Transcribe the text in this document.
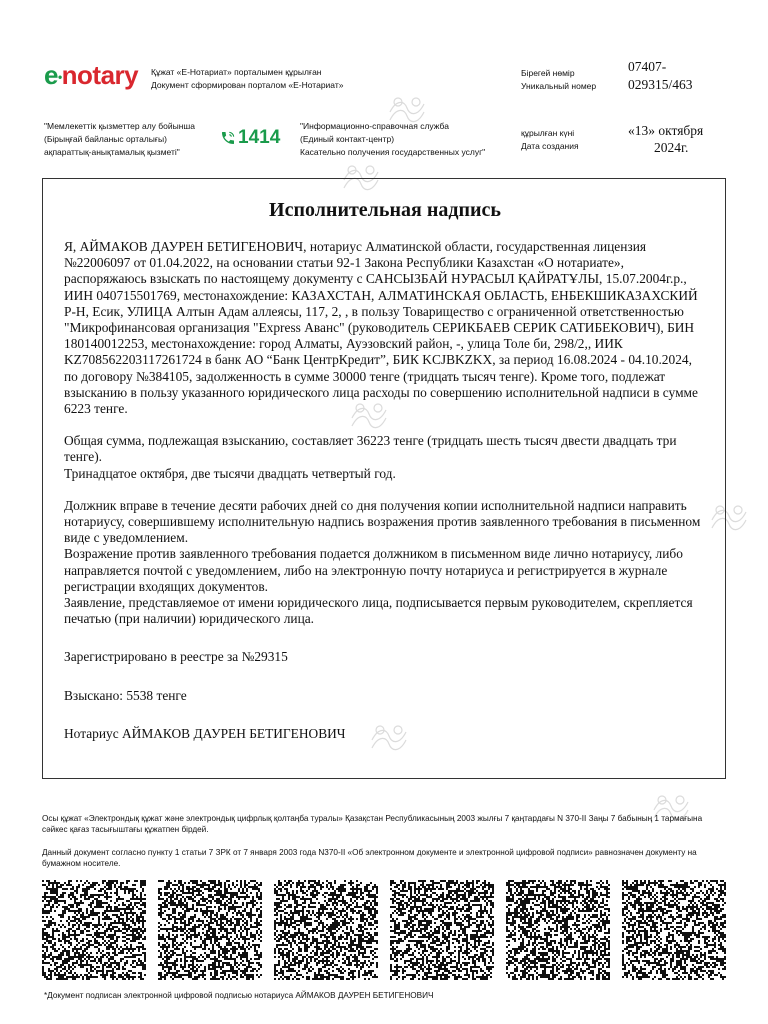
e•notary Құжат «Е-Нотариат» порталымен құрылған
Документ сформирован порталом «Е-Нотариат»
Бірегей нөмір
Уникальный номер
07407-
029315/463
"Мемлекеттік қызметтер алу бойынша
(Бірыңғай байланыс орталығы)
ақпараттық-анықтамалық қызметі"
1414
"Информационно-справочная служба
(Единый контакт-центр)
Касательно получения государственных услуг"
құрылған күні
Дата создания
«13» октября
2024г.
Исполнительная надпись

Я, АЙМАКОВ ДАУРЕН БЕТИГЕНОВИЧ, нотариус Алматинской области, государственная лицензия №22006097 от 01.04.2022, на основании статьи 92-1 Закона Республики Казахстан «О нотариате», распоряжаюсь взыскать по настоящему документу с САНСЫЗБАЙ НУРАСЫЛ ҚАЙРАТҰЛЫ, 15.07.2004г.р., ИИН 040715501769, местонахождение: КАЗАХСТАН, АЛМАТИНСКАЯ ОБЛАСТЬ, ЕНБЕКШИКАЗАХСКИЙ Р-Н, Есик, УЛИЦА Алтын Адам аллеясы, 117, 2, , в пользу Товарищество с ограниченной ответственностью "Микрофинансовая организация "Express Аванс" (руководитель СЕРИКБАЕВ СЕРИК САТИБЕКОВИЧ), БИН 180140012253, местонахождение: город Алматы, Ауэзовский район, -, улица Толе би, 298/2,, ИИК KZ708562203117261724 в банк АО “Банк ЦентрКредит”, БИК KCJBKZKX, за период 16.08.2024 - 04.10.2024, по договору №384105, задолженность в сумме 30000 тенге (тридцать тысяч тенге). Кроме того, подлежат взысканию в пользу указанного юридического лица расходы по совершению исполнительной надписи в сумме 6223 тенге.

Общая сумма, подлежащая взысканию, составляет 36223 тенге (тридцать шесть тысяч двести двадцать три тенге).

Тринадцатое октября, две тысячи двадцать четвертый год.

Должник вправе в течение десяти рабочих дней со дня получения копии исполнительной надписи направить нотариусу, совершившему исполнительную надпись возражения против заявленного требования в письменном виде с уведомлением.

Возражение против заявленного требования подается должником в письменном виде лично нотариусу, либо направляется почтой с уведомлением, либо на электронную почту нотариуса и регистрируется в журнале регистрации входящих документов.

Заявление, представляемое от имени юридического лица, подписывается первым руководителем, скрепляется печатью (при наличии) юридического лица.

Зарегистрировано в реестре за №29315

Взыскано: 5538 тенге

Нотариус АЙМАКОВ ДАУРЕН БЕТИГЕНОВИЧ

Осы құжат «Электрондық құжат және электрондық цифрлық қолтаңба туралы» Қазақстан Республикасының 2003 жылғы 7 қаңтардағы N 370-II Заңы 7 бабының 1 тармағына сәйкес қағаз тасығыштағы құжатпен бірдей.

Данный документ согласно пункту 1 статьи 7 ЗРК от 7 января 2003 года N370-II «Об электронном документе и электронной цифровой подписи» равнозначен документу на бумажном носителе.

*Документ подписан электронной цифровой подписью нотариуса АЙМАКОВ ДАУРЕН БЕТИГЕНОВИЧ
